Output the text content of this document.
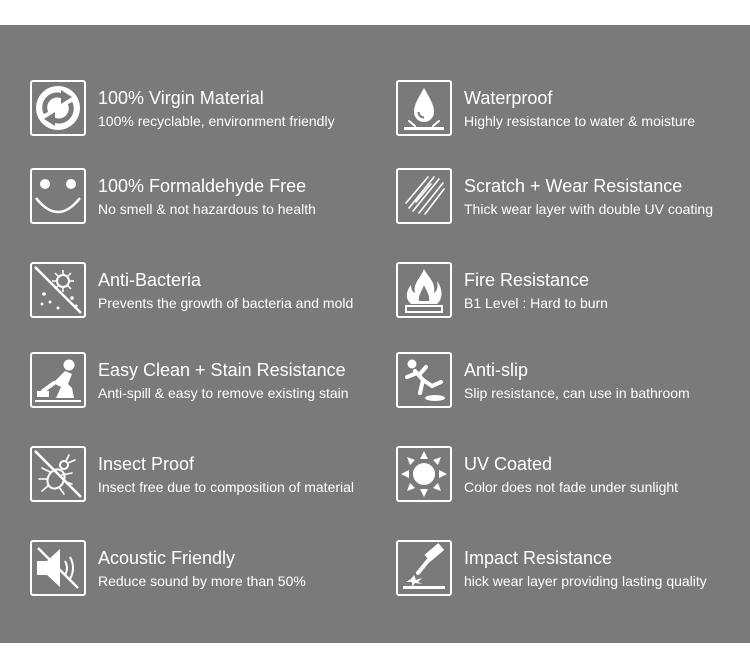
100% Virgin Material
100% recyclable, environment friendly
Waterproof
Highly resistance to water & moisture
100% Formaldehyde Free
No smell & not hazardous to health
Scratch + Wear Resistance
Thick wear layer with double UV coating
Anti-Bacteria
Prevents the growth of bacteria and mold
Fire Resistance
B1 Level : Hard to burn
Easy Clean + Stain Resistance
Anti-spill & easy to remove existing stain
Anti-slip
Slip resistance, can use in bathroom
Insect Proof
Insect free due to composition of material
UV Coated
Color does not fade under sunlight
Acoustic Friendly
Reduce sound by more than 50%
Impact Resistance
hick wear layer providing lasting quality
